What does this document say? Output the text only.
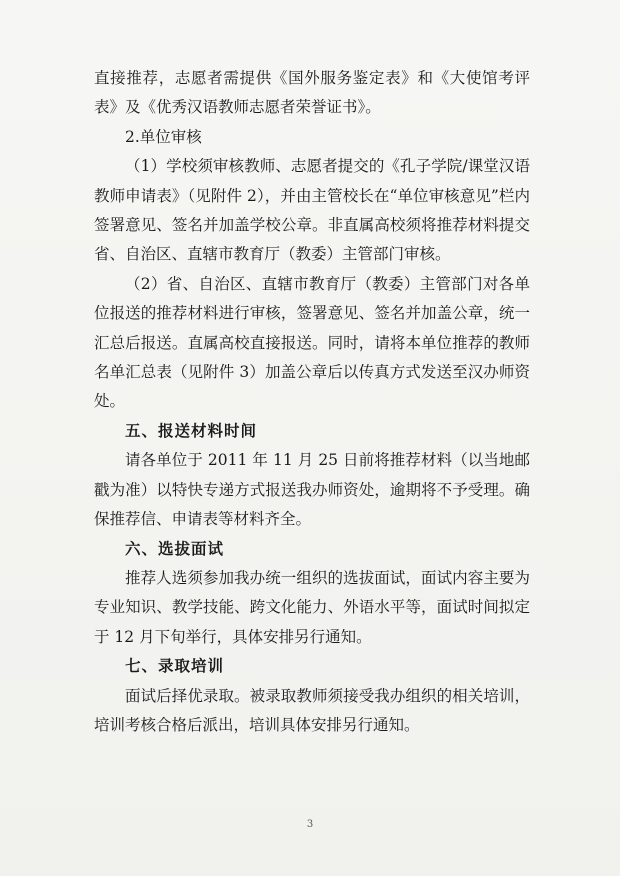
直接推荐，志愿者需提供《国外服务鉴定表》和《大使馆考评表》及《优秀汉语教师志愿者荣誉证书》。

2.单位审核

（1）学校须审核教师、志愿者提交的《孔子学院/课堂汉语教师申请表》（见附件 2），并由主管校长在“单位审核意见”栏内签署意见、签名并加盖学校公章。非直属高校须将推荐材料提交省、自治区、直辖市教育厅（教委）主管部门审核。

（2）省、自治区、直辖市教育厅（教委）主管部门对各单位报送的推荐材料进行审核，签署意见、签名并加盖公章，统一汇总后报送。直属高校直接报送。同时，请将本单位推荐的教师名单汇总表（见附件 3）加盖公章后以传真方式发送至汉办师资处。

五、报送材料时间

请各单位于 2011 年 11 月 25 日前将推荐材料（以当地邮戳为准）以特快专递方式报送我办师资处，逾期将不予受理。确保推荐信、申请表等材料齐全。

六、选拔面试

推荐人选须参加我办统一组织的选拔面试，面试内容主要为专业知识、教学技能、跨文化能力、外语水平等，面试时间拟定于 12 月下旬举行，具体安排另行通知。

七、录取培训

面试后择优录取。被录取教师须接受我办组织的相关培训，培训考核合格后派出，培训具体安排另行通知。

3
